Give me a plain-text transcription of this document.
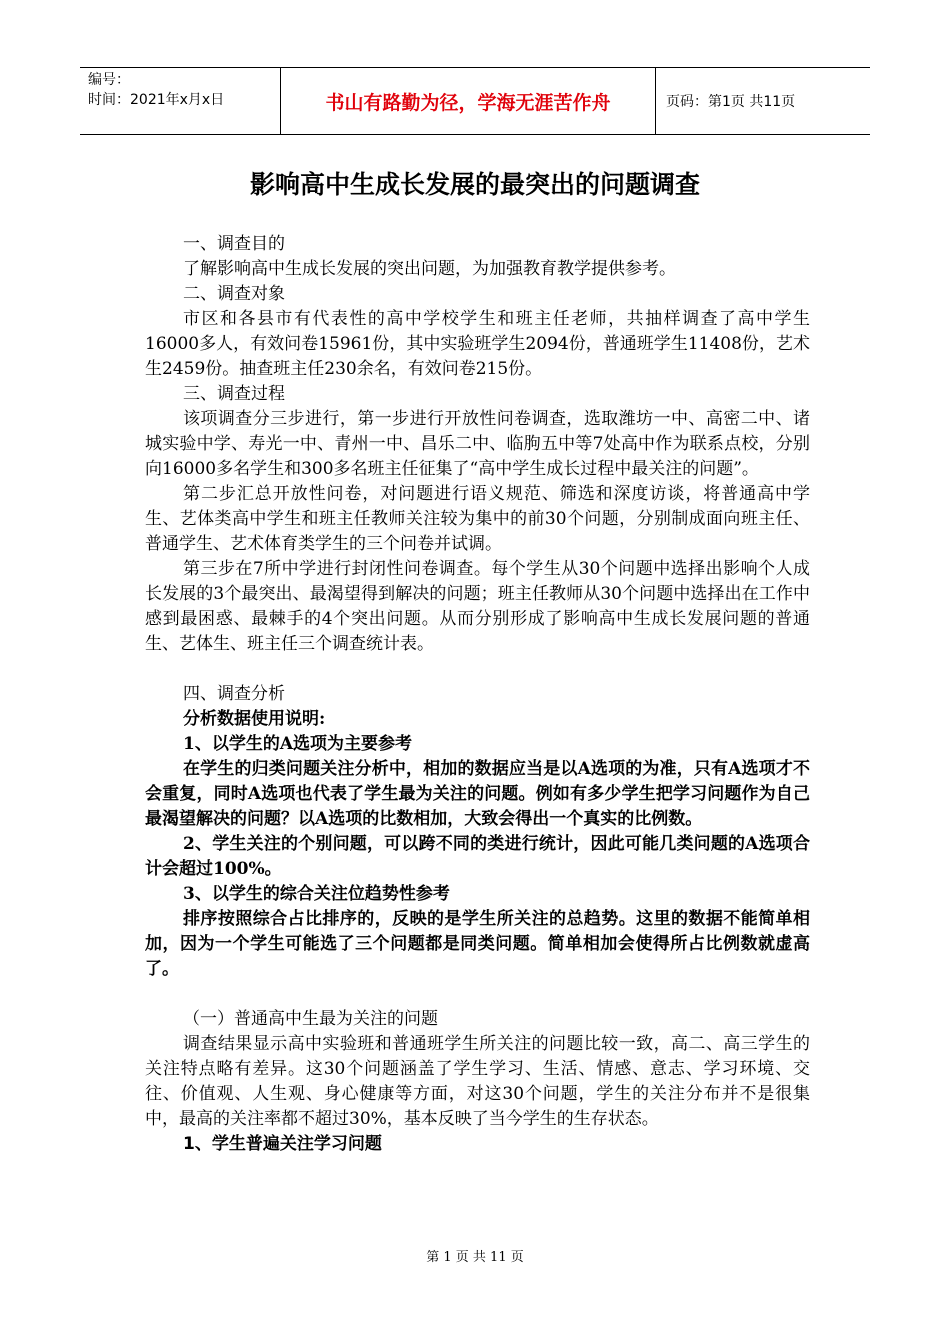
编号：
时间：2021年x月x日	书山有路勤为径，学海无涯苦作舟	页码：第1页 共11页
影响高中生成长发展的最突出的问题调查

一、调查目的

了解影响高中生成长发展的突出问题，为加强教育教学提供参考。

二、调查对象

市区和各县市有代表性的高中学校学生和班主任老师，共抽样调查了高中学生16000多人，有效问卷15961份，其中实验班学生2094份，普通班学生11408份，艺术生2459份。抽查班主任230余名，有效问卷215份。

三、调查过程

该项调查分三步进行，第一步进行开放性问卷调查，选取潍坊一中、高密二中、诸城实验中学、寿光一中、青州一中、昌乐二中、临朐五中等7处高中作为联系点校，分别向16000多名学生和300多名班主任征集了“高中学生成长过程中最关注的问题”。

第二步汇总开放性问卷，对问题进行语义规范、筛选和深度访谈，将普通高中学生、艺体类高中学生和班主任教师关注较为集中的前30个问题，分别制成面向班主任、普通学生、艺术体育类学生的三个问卷并试调。

第三步在7所中学进行封闭性问卷调查。每个学生从30个问题中选择出影响个人成长发展的3个最突出、最渴望得到解决的问题；班主任教师从30个问题中选择出在工作中感到最困惑、最棘手的4个突出问题。从而分别形成了影响高中生成长发展问题的普通生、艺体生、班主任三个调查统计表。

四、调查分析

分析数据使用说明:

1、以学生的A选项为主要参考

在学生的归类问题关注分析中，相加的数据应当是以A选项的为准，只有A选项才不会重复，同时A选项也代表了学生最为关注的问题。例如有多少学生把学习问题作为自己最渴望解决的问题？以A选项的比数相加，大致会得出一个真实的比例数。

2、学生关注的个别问题，可以跨不同的类进行统计，因此可能几类问题的A选项合计会超过100%。

3、以学生的综合关注位趋势性参考

排序按照综合占比排序的，反映的是学生所关注的总趋势。这里的数据不能简单相加，因为一个学生可能选了三个问题都是同类问题。简单相加会使得所占比例数就虚高了。

（一）普通高中生最为关注的问题

调查结果显示高中实验班和普通班学生所关注的问题比较一致，高二、高三学生的关注特点略有差异。这30个问题涵盖了学生学习、生活、情感、意志、学习环境、交往、价值观、人生观、身心健康等方面，对这30个问题，学生的关注分布并不是很集中，最高的关注率都不超过30%，基本反映了当今学生的生存状态。

1、学生普遍关注学习问题

第 1 页 共 11 页
